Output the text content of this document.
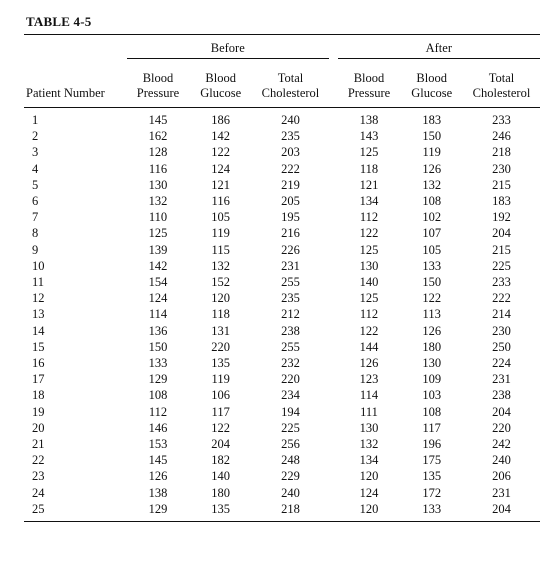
TABLE 4-5
	Before				After		
	Blood	Blood	Total		Blood	Blood	Total
Patient Number	Pressure	Glucose	Cholesterol		Pressure	Glucose	Cholesterol
1	145	186	240		138	183	233
2	162	142	235		143	150	246
3	128	122	203		125	119	218
4	116	124	222		118	126	230
5	130	121	219		121	132	215
6	132	116	205		134	108	183
7	110	105	195		112	102	192
8	125	119	216		122	107	204
9	139	115	226		125	105	215
10	142	132	231		130	133	225
11	154	152	255		140	150	233
12	124	120	235		125	122	222
13	114	118	212		112	113	214
14	136	131	238		122	126	230
15	150	220	255		144	180	250
16	133	135	232		126	130	224
17	129	119	220		123	109	231
18	108	106	234		114	103	238
19	112	117	194		111	108	204
20	146	122	225		130	117	220
21	153	204	256		132	196	242
22	145	182	248		134	175	240
23	126	140	229		120	135	206
24	138	180	240		124	172	231
25	129	135	218		120	133	204
